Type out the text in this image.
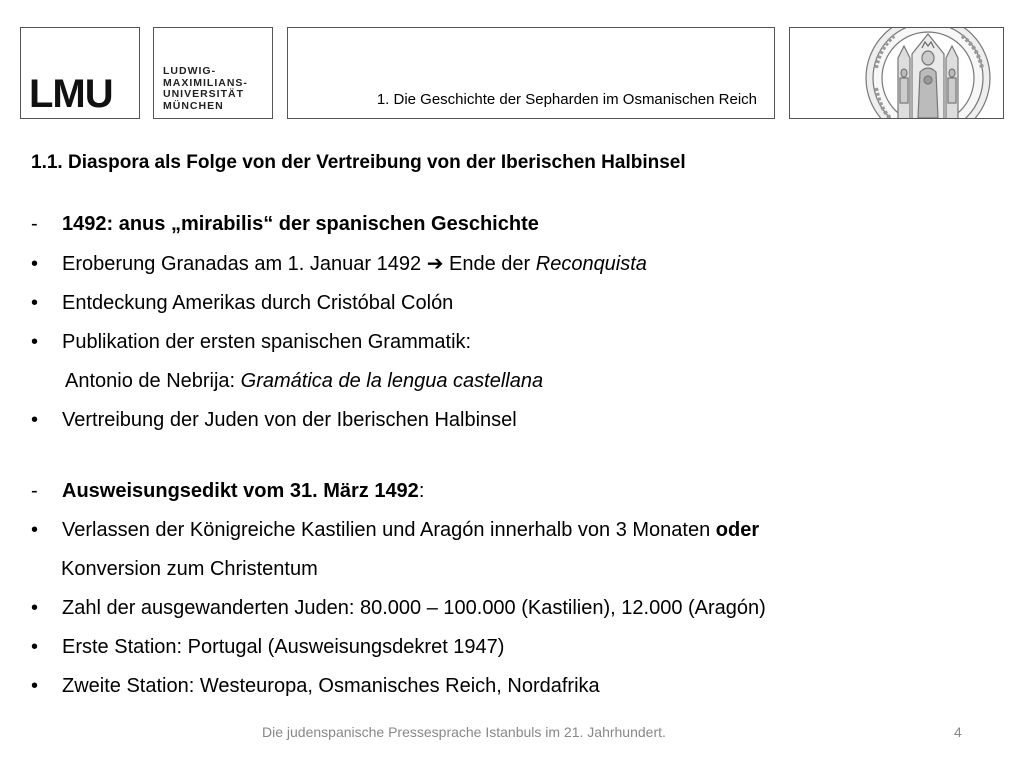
LMU
LUDWIG-
MAXIMILIANS-
UNIVERSITÄT
MÜNCHEN	1. Die Geschichte der Sepharden im Osmanischen Reich
1.1. Diaspora als Folge von der Vertreibung von der Iberischen Halbinsel
-	1492: anus „mirabilis“ der spanischen Geschichte
•	Eroberung Granadas am 1. Januar 1492 ➔ Ende der Reconquista
•	Entdeckung Amerikas durch Cristóbal Colón
•	Publikation der ersten spanischen Grammatik:
Antonio de Nebrija: Gramática de la lengua castellana
•	Vertreibung der Juden von der Iberischen Halbinsel
-	Ausweisungsedikt vom 31. März 1492:
•	Verlassen der Königreiche Kastilien und Aragón innerhalb von 3 Monaten oder
Konversion zum Christentum
•	Zahl der ausgewanderten Juden: 80.000 – 100.000 (Kastilien), 12.000 (Aragón)
•	Erste Station: Portugal (Ausweisungsdekret 1947)
•	Zweite Station: Westeuropa, Osmanisches Reich, Nordafrika
Die judenspanische Pressesprache Istanbuls im 21. Jahrhundert.	4
